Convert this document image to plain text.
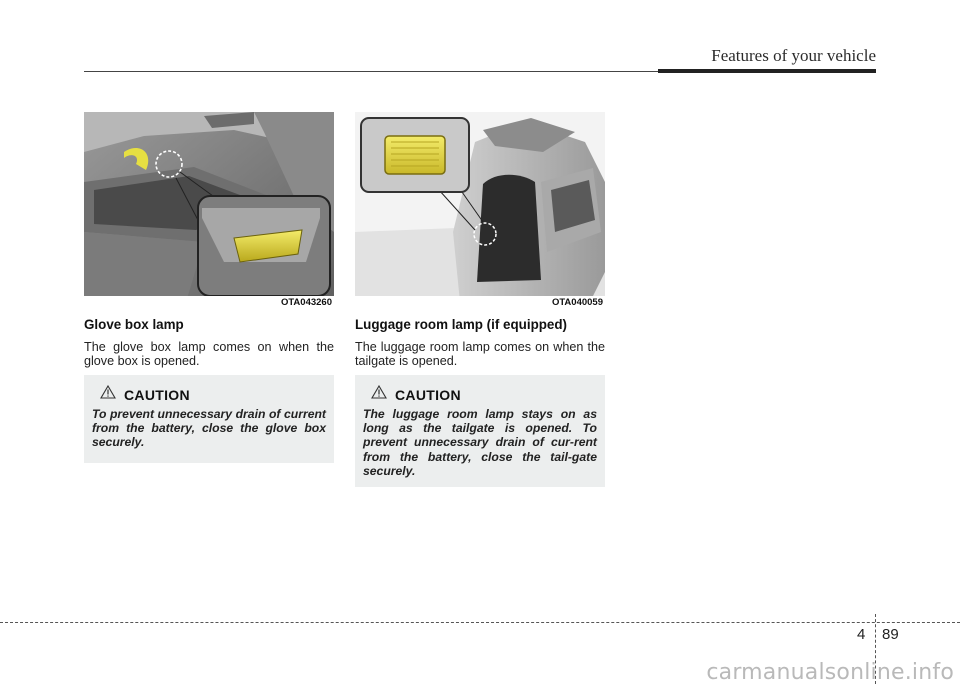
Features of your vehicle
OTA043260
Glove box lamp

The glove box lamp comes on when the glove box is opened.

CAUTION
To prevent unnecessary drain of current from the battery, close the glove box securely.
OTA040059
Luggage room lamp (if equipped)

The luggage room lamp comes on when the tailgate is opened.

CAUTION
The luggage room lamp stays on as long as the tailgate is opened. To prevent unnecessary drain of cur-rent from the battery, close the tail-gate securely.
4 89
carmanualsonline.info
